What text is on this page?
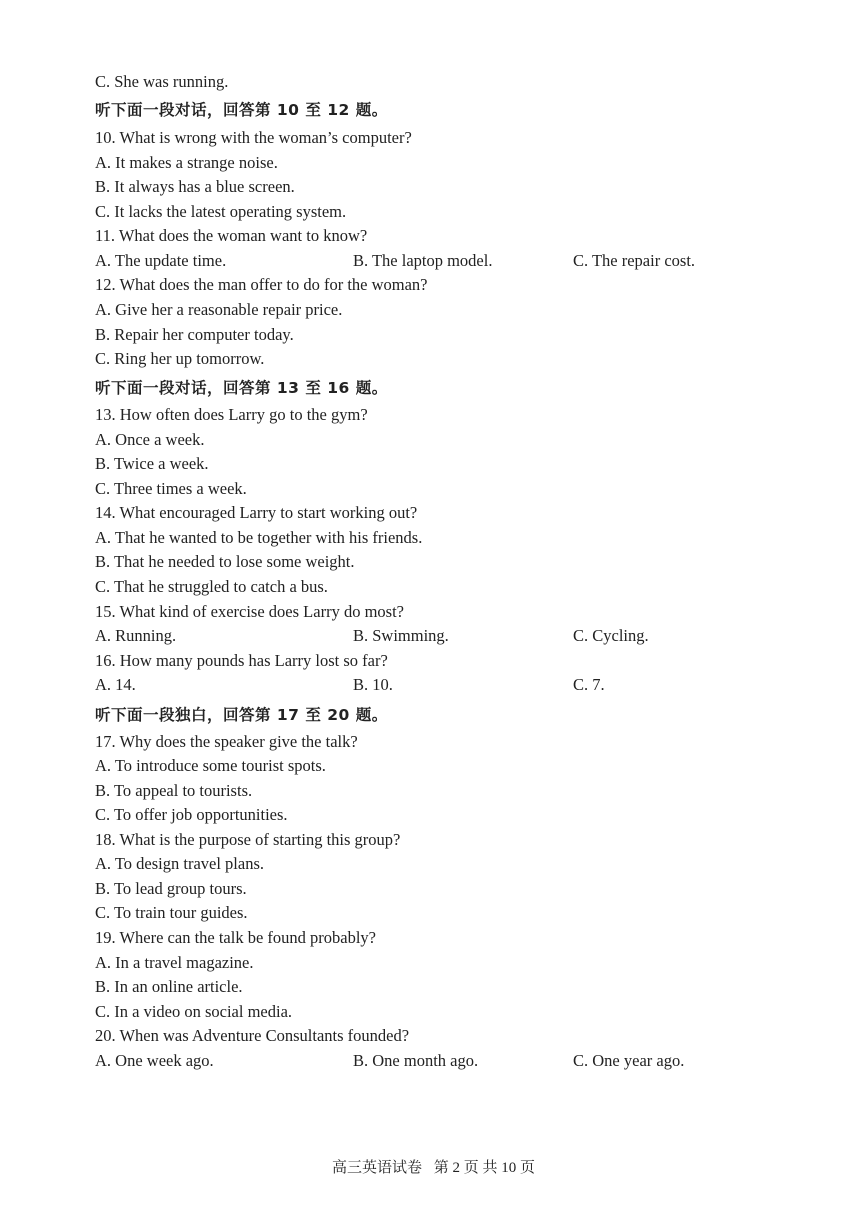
C. She was running.
听下面一段对话，回答第 10 至 12 题。
10. What is wrong with the woman’s computer?
A. It makes a strange noise.
B. It always has a blue screen.
C. It lacks the latest operating system.
11. What does the woman want to know?
A. The update time.	B. The laptop model.	C. The repair cost.
12. What does the man offer to do for the woman?
A. Give her a reasonable repair price.
B. Repair her computer today.
C. Ring her up tomorrow.
听下面一段对话，回答第 13 至 16 题。
13. How often does Larry go to the gym?
A. Once a week.
B. Twice a week.
C. Three times a week.
14. What encouraged Larry to start working out?
A. That he wanted to be together with his friends.
B. That he needed to lose some weight.
C. That he struggled to catch a bus.
15. What kind of exercise does Larry do most?
A. Running.	B. Swimming.	C. Cycling.
16. How many pounds has Larry lost so far?
A. 14.	B. 10.	C. 7.
听下面一段独白，回答第 17 至 20 题。
17. Why does the speaker give the talk?
A. To introduce some tourist spots.
B. To appeal to tourists.
C. To offer job opportunities.
18. What is the purpose of starting this group?
A. To design travel plans.
B. To lead group tours.
C. To train tour guides.
19. Where can the talk be found probably?
A. In a travel magazine.
B. In an online article.
C. In a video on social media.
20. When was Adventure Consultants founded?
A. One week ago.	B. One month ago.	C. One year ago.
高三英语试卷 第 2 页 共 10 页
